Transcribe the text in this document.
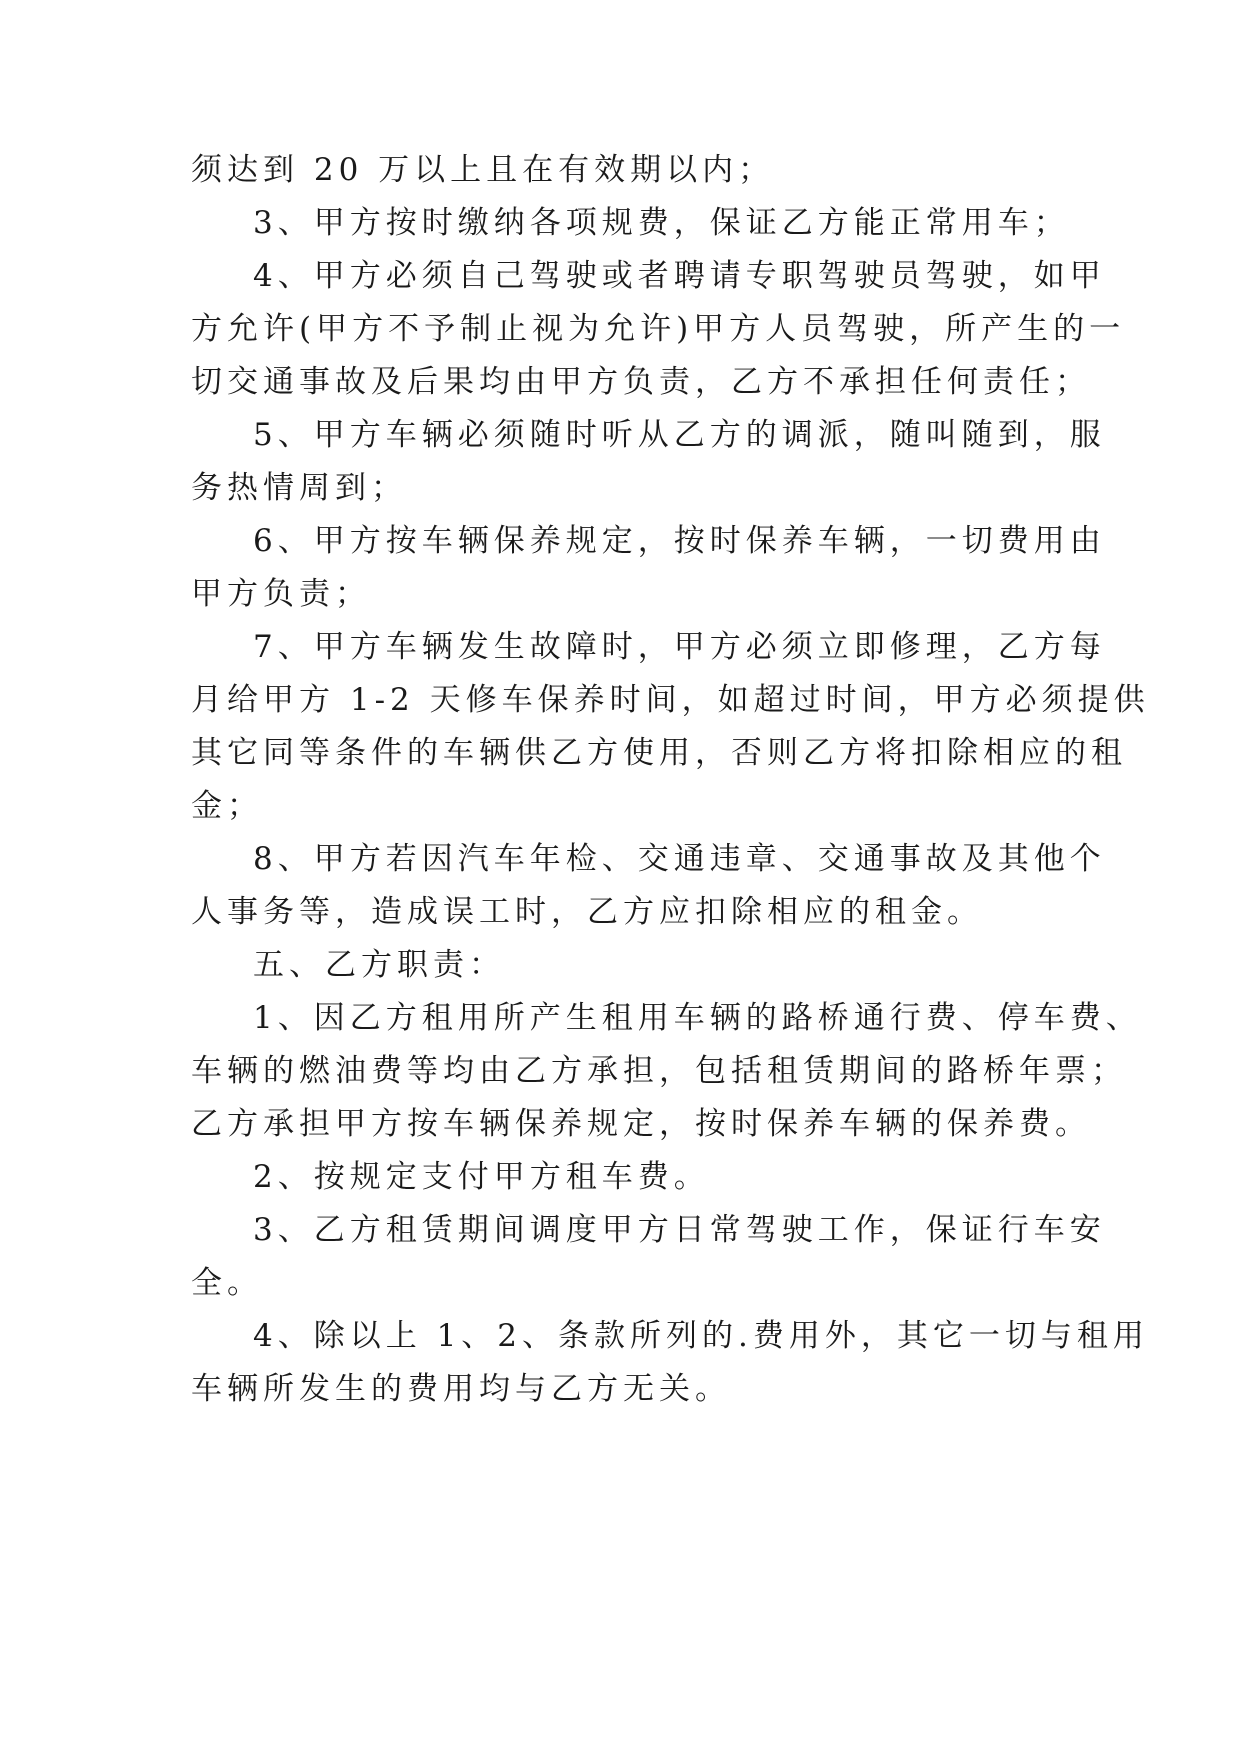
须达到 20 万以上且在有效期以内；
3、甲方按时缴纳各项规费，保证乙方能正常用车；
4、甲方必须自己驾驶或者聘请专职驾驶员驾驶，如甲
方允许(甲方不予制止视为允许)甲方人员驾驶，所产生的一
切交通事故及后果均由甲方负责，乙方不承担任何责任；
5、甲方车辆必须随时听从乙方的调派，随叫随到，服
务热情周到；
6、甲方按车辆保养规定，按时保养车辆，一切费用由
甲方负责；
7、甲方车辆发生故障时，甲方必须立即修理，乙方每
月给甲方 1-2 天修车保养时间，如超过时间，甲方必须提供
其它同等条件的车辆供乙方使用，否则乙方将扣除相应的租
金；
8、甲方若因汽车年检、交通违章、交通事故及其他个
人事务等，造成误工时，乙方应扣除相应的租金。
五、乙方职责：
1、因乙方租用所产生租用车辆的路桥通行费、停车费、
车辆的燃油费等均由乙方承担，包括租赁期间的路桥年票；
乙方承担甲方按车辆保养规定，按时保养车辆的保养费。
2、按规定支付甲方租车费。
3、乙方租赁期间调度甲方日常驾驶工作，保证行车安
全。
4、除以上 1、2、条款所列的.费用外，其它一切与租用
车辆所发生的费用均与乙方无关。
